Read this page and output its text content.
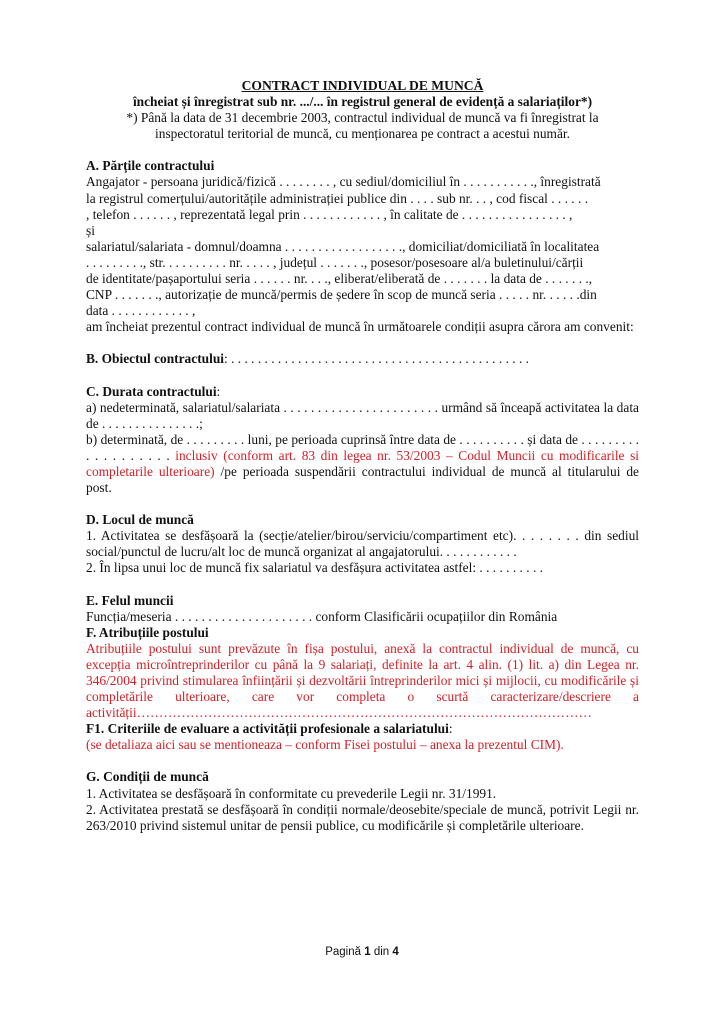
CONTRACT INDIVIDUAL DE MUNCĂ

încheiat și înregistrat sub nr. .../... în registrul general de evidență a salariaților*)

*) Până la data de 31 decembrie 2003, contractul individual de muncă va fi înregistrat la

inspectoratul teritorial de muncă, cu menționarea pe contract a acestui număr.

A. Părțile contractului

Angajator - persoana juridică/fizică . . . . . . . . , cu sediul/domiciliul în . . . . . . . . . . ., înregistrată

la registrul comerțului/autoritățile administrației publice din . . . . sub nr. . . , cod fiscal . . . . . .

, telefon . . . . . . , reprezentată legal prin . . . . . . . . . . . . , în calitate de . . . . . . . . . . . . . . . . ,

și

salariatul/salariata - domnul/doamna . . . . . . . . . . . . . . . . . ., domiciliat/domiciliată în localitatea

. . . . . . . . ., str. . . . . . . . . . nr. . . . . , județul . . . . . . ., posesor/posesoare al/a buletinului/cărții

de identitate/pașaportului seria . . . . . . nr. . . ., eliberat/eliberată de . . . . . . . la data de . . . . . . .,

CNP . . . . . . ., autorizație de muncă/permis de ședere în scop de muncă seria . . . . . nr. . . . . .din

data . . . . . . . . . . . . ,

am încheiat prezentul contract individual de muncă în următoarele condiții asupra cărora am convenit:

B. Obiectul contractului: . . . . . . . . . . . . . . . . . . . . . . . . . . . . . . . . . . . . . . . . . . . . .

C. Durata contractului:

a) nedeterminată, salariatul/salariata . . . . . . . . . . . . . . . . . . . . . . . urmând să înceapă activitatea la data de . . . . . . . . . . . . . . .;

b) determinată, de . . . . . . . . . luni, pe perioada cuprinsă între data de . . . . . . . . . . și data de . . . . . . . . . . . . . . . . . . . inclusiv (conform art. 83 din legea nr. 53/2003 – Codul Muncii cu modificarile si completarile ulterioare) /pe perioada suspendării contractului individual de muncă al titularului de post.

D. Locul de muncă

1. Activitatea se desfășoară la (secție/atelier/birou/serviciu/compartiment etc). . . . . . . . din sediul social/punctul de lucru/alt loc de muncă organizat al angajatorului. . . . . . . . . . . .

2. În lipsa unui loc de muncă fix salariatul va desfășura activitatea astfel: . . . . . . . . . .

E. Felul muncii

Funcția/meseria . . . . . . . . . . . . . . . . . . . . . conform Clasificării ocupațiilor din România

F. Atribuțiile postului

Atribuțiile postului sunt prevăzute în fișa postului, anexă la contractul individual de muncă, cu excepția microîntreprinderilor cu până la 9 salariați, definite la art. 4 alin. (1) lit. a) din Legea nr. 346/2004 privind stimularea înființării și dezvoltării întreprinderilor mici și mijlocii, cu modificările și completările ulterioare, care vor completa o scurtă caracterizare/descriere a activității…………………………………………………………………………………………

F1. Criteriile de evaluare a activității profesionale a salariatului:

(se detaliaza aici sau se mentioneaza – conform Fisei postului – anexa la prezentul CIM).

G. Condiții de muncă

1. Activitatea se desfășoară în conformitate cu prevederile Legii nr. 31/1991.

2. Activitatea prestată se desfășoară în condiții normale/deosebite/speciale de muncă, potrivit Legii nr. 263/2010 privind sistemul unitar de pensii publice, cu modificările și completările ulterioare.

Pagină 1 din 4
